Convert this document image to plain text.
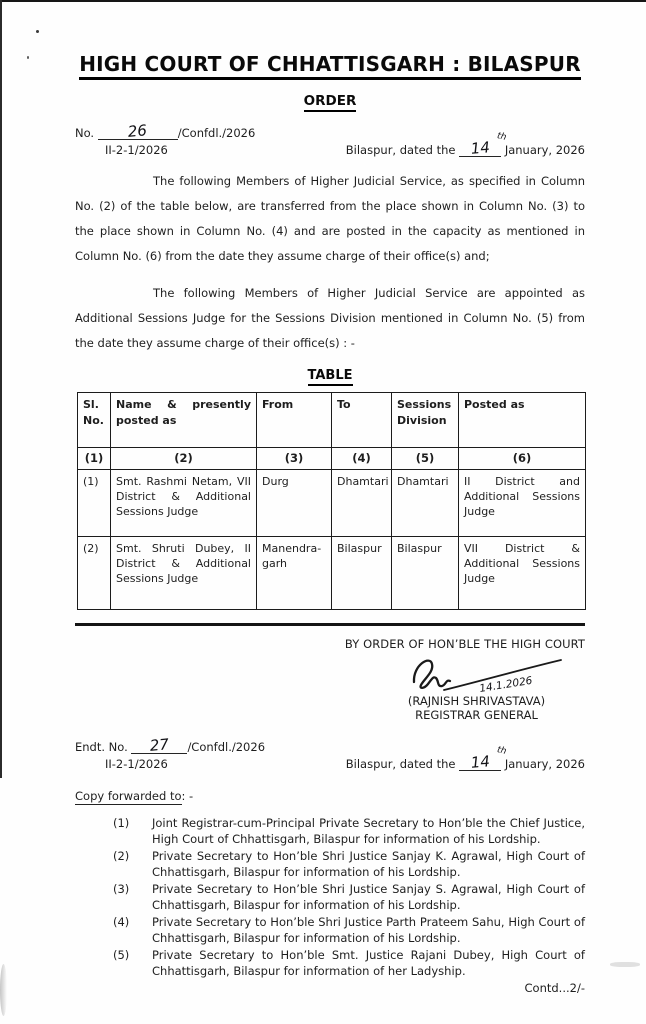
HIGH COURT OF CHHATTISGARH : BILASPUR
ORDER
No. 26	/Confdl./2026
II-2-1/2026	Bilaspur, dated the 14
th
January, 2026

The following Members of Higher Judicial Service, as specified in Column No. (2) of the table below, are transferred from the place shown in Column No. (3) to the place shown in Column No. (4) and are posted in the capacity as mentioned in Column No. (6) from the date they assume charge of their office(s) and;

The following Members of Higher Judicial Service are appointed as Additional Sessions Judge for the Sessions Division mentioned in Column No. (5) from the date they assume charge of their office(s) : -

TABLE
Sl. No.	Name & presently posted as	From	To	Sessions Division	Posted as
(1)	(2)	(3)	(4)	(5)	(6)
(1)	Smt. Rashmi Netam, VII District & Additional Sessions Judge	Durg	Dhamtari	Dhamtari	II District and Additional Sessions Judge
(2)	Smt. Shruti Dubey, II District & Additional Sessions Judge	Manendra- garh	Bilaspur	Bilaspur	VII District & Additional Sessions Judge
BY ORDER OF HON’BLE THE HIGH COURT
14.1.2026
(RAJNISH SHRIVASTAVA)
REGISTRAR GENERAL
Endt. No. 27 /Confdl./2026
II-2-1/2026	Bilaspur, dated the 14
th
January, 2026
Copy forwarded to: -
(1)	Joint Registrar-cum-Principal Private Secretary to Hon’ble the Chief Justice, High Court of Chhattisgarh, Bilaspur for information of his Lordship.
(2)	Private Secretary to Hon’ble Shri Justice Sanjay K. Agrawal, High Court of Chhattisgarh, Bilaspur for information of his Lordship.
(3)	Private Secretary to Hon’ble Shri Justice Sanjay S. Agrawal, High Court of Chhattisgarh, Bilaspur for information of his Lordship.
(4)	Private Secretary to Hon’ble Shri Justice Parth Prateem Sahu, High Court of Chhattisgarh, Bilaspur for information of his Lordship.
(5)	Private Secretary to Hon’ble Smt. Justice Rajani Dubey, High Court of Chhattisgarh, Bilaspur for information of her Ladyship.
Contd...2/-
